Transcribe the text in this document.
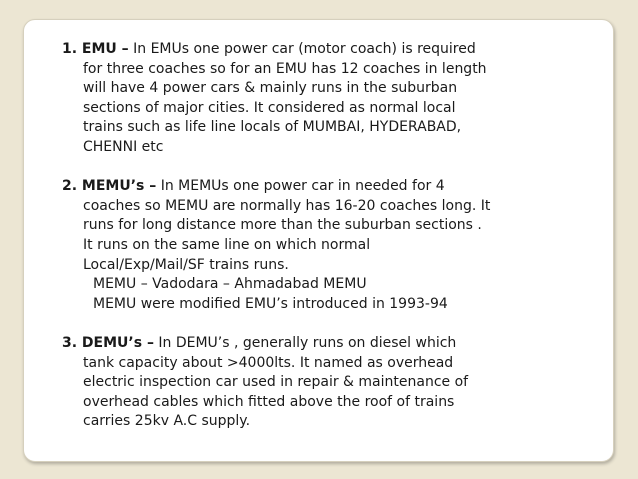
1. EMU – In EMUs one power car (motor coach) is required
for three coaches so for an EMU has 12 coaches in length
will have 4 power cars & mainly runs in the suburban
sections of major cities. It considered as normal local
trains such as life line locals of MUMBAI, HYDERABAD,
CHENNI etc
2. MEMU’s – In MEMUs one power car in needed for 4
coaches so MEMU are normally has 16-20 coaches long. It
runs for long distance more than the suburban sections .
It runs on the same line on which normal
Local/Exp/Mail/SF trains runs.
MEMU – Vadodara – Ahmadabad MEMU
MEMU were modified EMU’s introduced in 1993-94
3. DEMU’s – In DEMU’s , generally runs on diesel which
tank capacity about >4000lts. It named as overhead
electric inspection car used in repair & maintenance of
overhead cables which fitted above the roof of trains
carries 25kv A.C supply.
